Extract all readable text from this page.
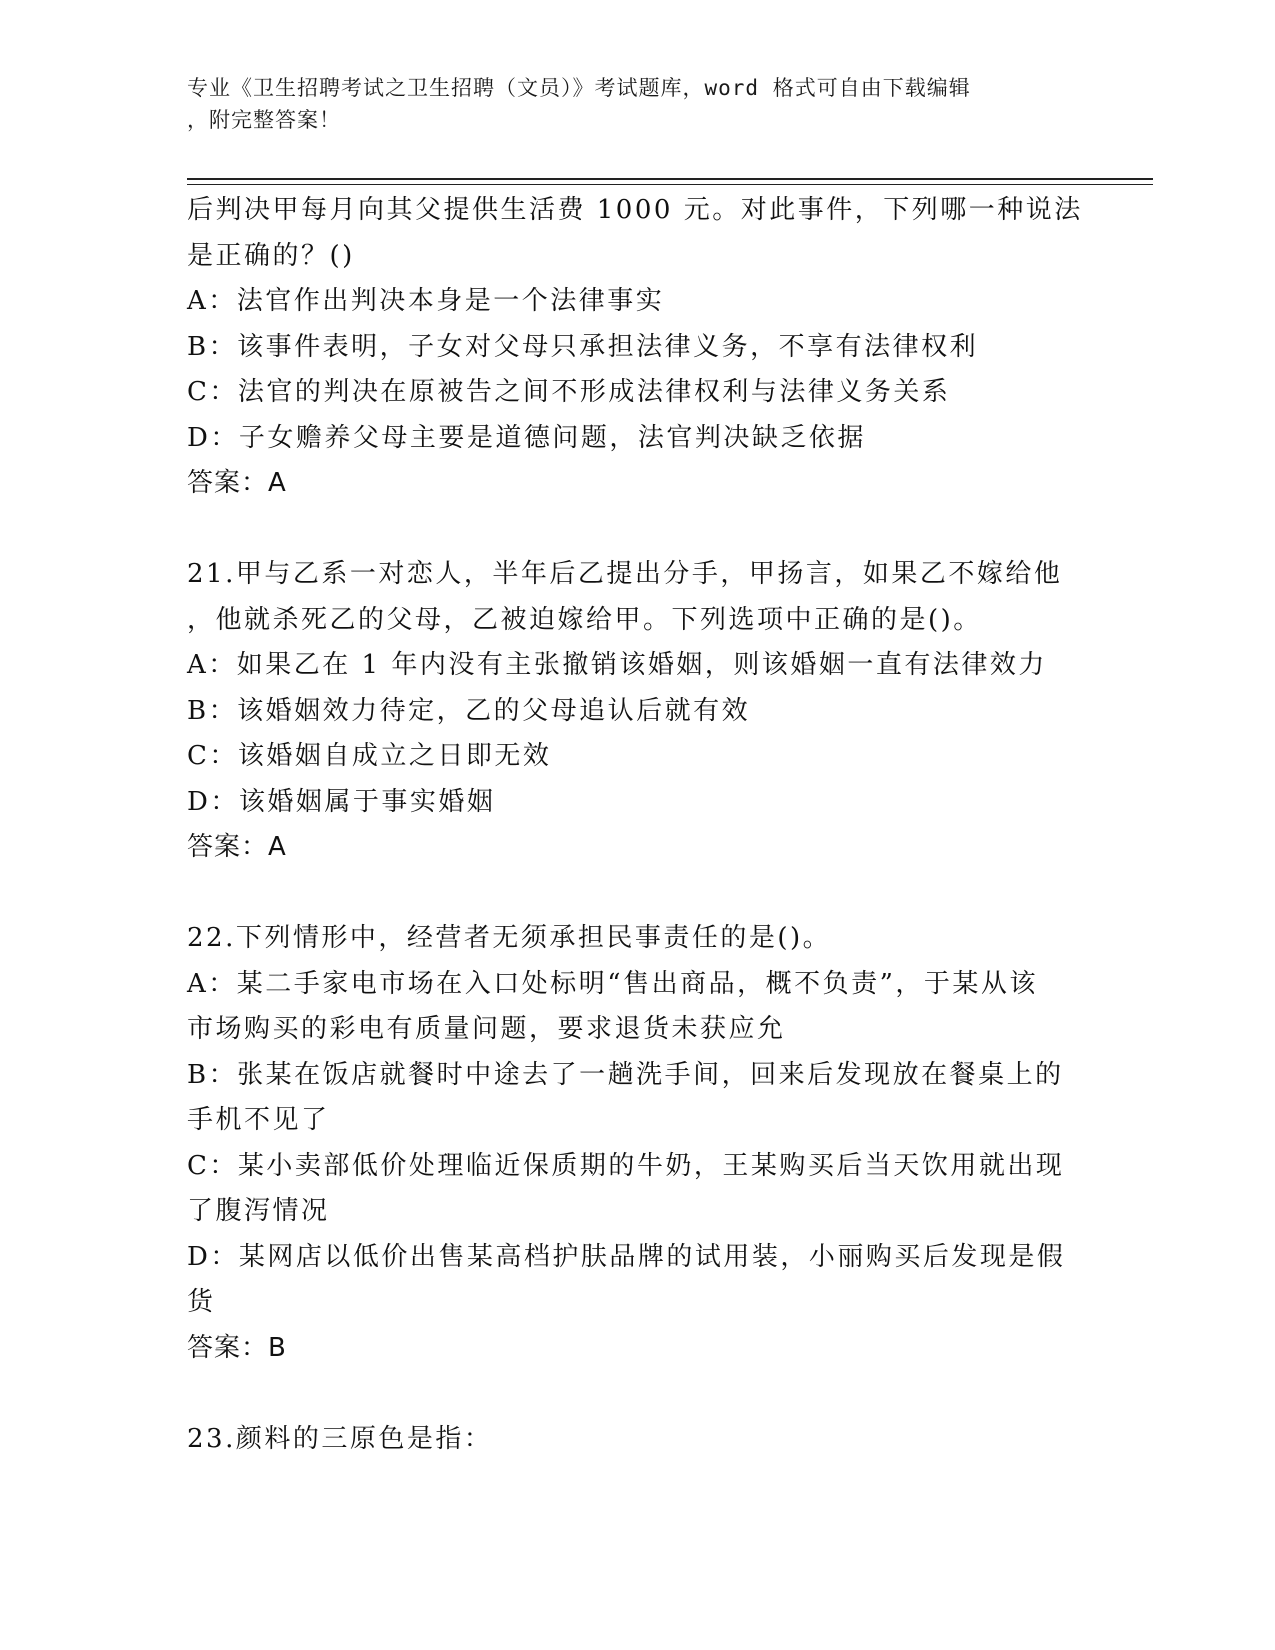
专业《卫生招聘考试之卫生招聘（文员）》考试题库，word 格式可自由下载编辑
，附完整答案！
后判决甲每月向其父提供生活费 1000 元。对此事件，下列哪一种说法
是正确的？()
A：法官作出判决本身是一个法律事实
B：该事件表明，子女对父母只承担法律义务，不享有法律权利
C：法官的判决在原被告之间不形成法律权利与法律义务关系
D：子女赡养父母主要是道德问题，法官判决缺乏依据
答案：A
21.甲与乙系一对恋人，半年后乙提出分手，甲扬言，如果乙不嫁给他
，他就杀死乙的父母，乙被迫嫁给甲。下列选项中正确的是()。
A：如果乙在 1 年内没有主张撤销该婚姻，则该婚姻一直有法律效力
B：该婚姻效力待定，乙的父母追认后就有效
C：该婚姻自成立之日即无效
D：该婚姻属于事实婚姻
答案：A
22.下列情形中，经营者无须承担民事责任的是()。
A：某二手家电市场在入口处标明“售出商品，概不负责”，于某从该
市场购买的彩电有质量问题，要求退货未获应允
B：张某在饭店就餐时中途去了一趟洗手间，回来后发现放在餐桌上的
手机不见了
C：某小卖部低价处理临近保质期的牛奶，王某购买后当天饮用就出现
了腹泻情况
D：某网店以低价出售某高档护肤品牌的试用装，小丽购买后发现是假
货
答案：B
23.颜料的三原色是指：
